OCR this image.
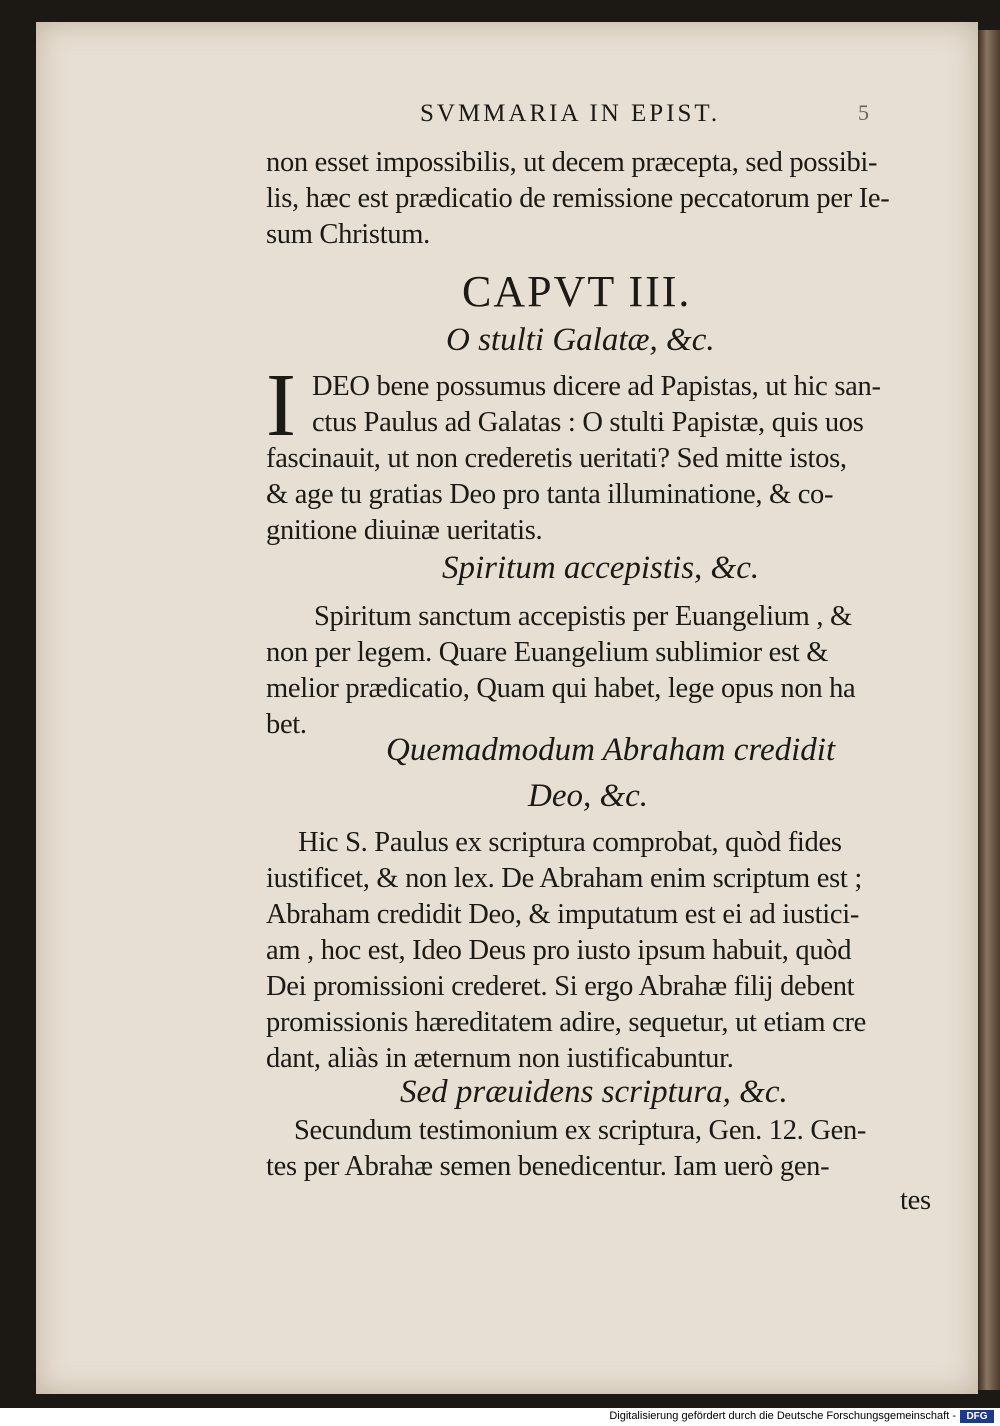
SVMMARIA IN EPIST.	5
non esset impossibilis, ut decem præcepta, sed possibi-
lis, hæc est prædicatio de remissione peccatorum per Ie-
sum Christum.
CAPVT III.
O stulti Galatæ, &c.
I DEO bene possumus dicere ad Papistas, ut hic san-
ctus Paulus ad Galatas : O stulti Papistæ, quis uos
fascinauit, ut non crederetis ueritati? Sed mitte istos,
& age tu gratias Deo pro tanta illuminatione, & co-
gnitione diuinæ ueritatis.
Spiritum accepistis, &c.
Spiritum sanctum accepistis per Euangelium , &
non per legem. Quare Euangelium sublimior est &
melior prædicatio, Quam qui habet, lege opus non ha
bet.
Quemadmodum Abraham credidit
Deo, &c.
Hic S. Paulus ex scriptura comprobat, quòd fides
iustificet, & non lex. De Abraham enim scriptum est ;
Abraham credidit Deo, & imputatum est ei ad iustici-
am , hoc est, Ideo Deus pro iusto ipsum habuit, quòd
Dei promissioni crederet. Si ergo Abrahæ filij debent
promissionis hæreditatem adire, sequetur, ut etiam cre
dant, aliàs in æternum non iustificabuntur.
Sed præuidens scriptura, &c.
Secundum testimonium ex scriptura, Gen. 12. Gen-
tes per Abrahæ semen benedicentur. Iam uerò gen-
tes
Digitalisierung gefördert durch die Deutsche Forschungsgemeinschaft -	DFG
